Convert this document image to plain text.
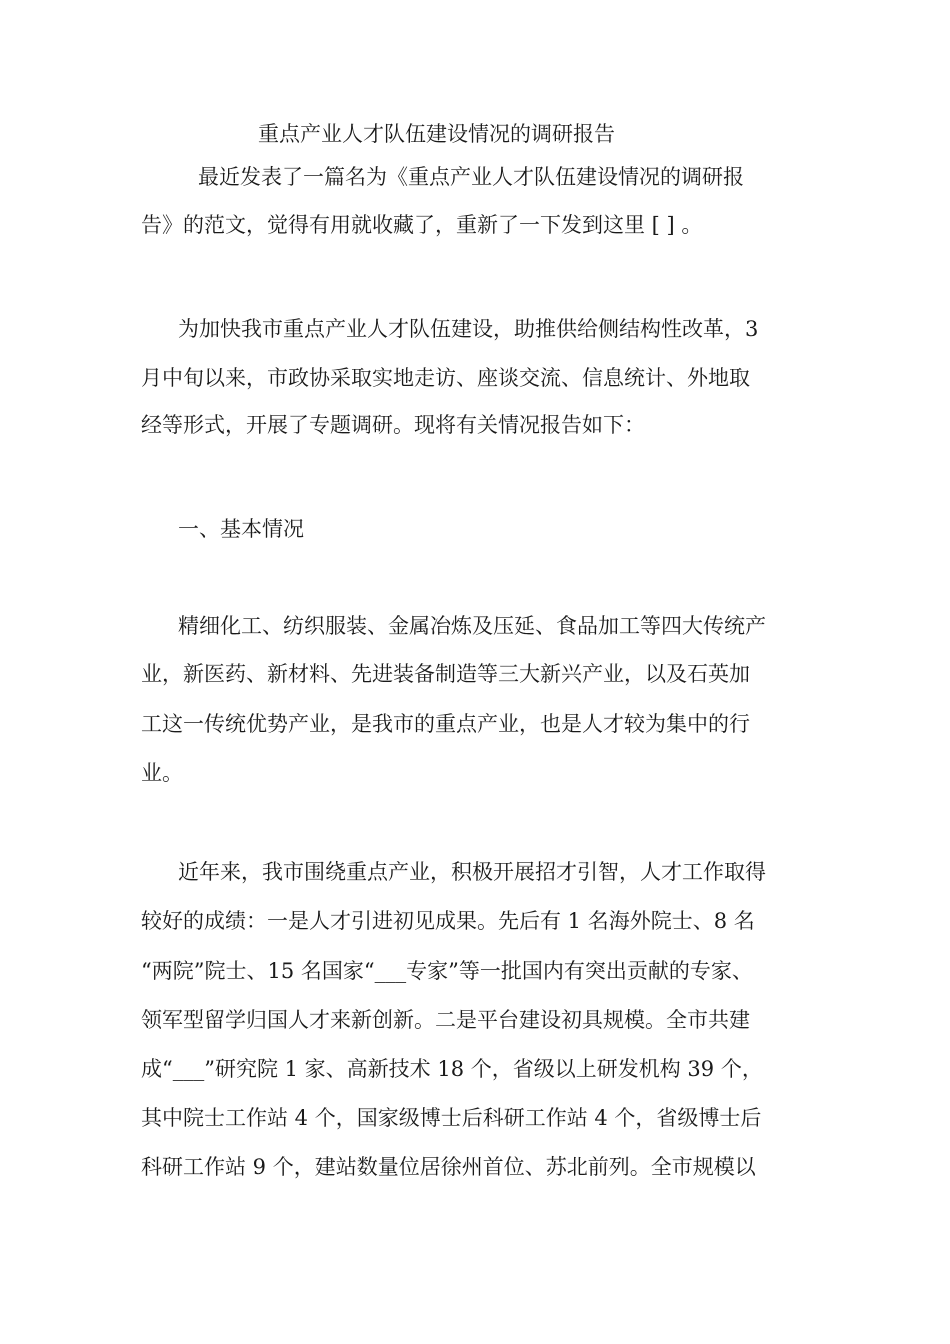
重点产业人才队伍建设情况的调研报告
最近发表了一篇名为《重点产业人才队伍建设情况的调研报
告》的范文，觉得有用就收藏了，重新了一下发到这里 [ ] 。
为加快我市重点产业人才队伍建设，助推供给侧结构性改革，3
月中旬以来，市政协采取实地走访、座谈交流、信息统计、外地取
经等形式，开展了专题调研。现将有关情况报告如下：
一、基本情况
精细化工、纺织服装、金属冶炼及压延、食品加工等四大传统产
业，新医药、新材料、先进装备制造等三大新兴产业，以及石英加
工这一传统优势产业，是我市的重点产业，也是人才较为集中的行
业。
近年来，我市围绕重点产业，积极开展招才引智，人才工作取得
较好的成绩：一是人才引进初见成果。先后有 1 名海外院士、8 名
“两院”院士、15 名国家“___专家”等一批国内有突出贡献的专家、
领军型留学归国人才来新创新。二是平台建设初具规模。全市共建
成“___”研究院 1 家、高新技术 18 个，省级以上研发机构 39 个，
其中院士工作站 4 个，国家级博士后科研工作站 4 个，省级博士后
科研工作站 9 个，建站数量位居徐州首位、苏北前列。全市规模以
